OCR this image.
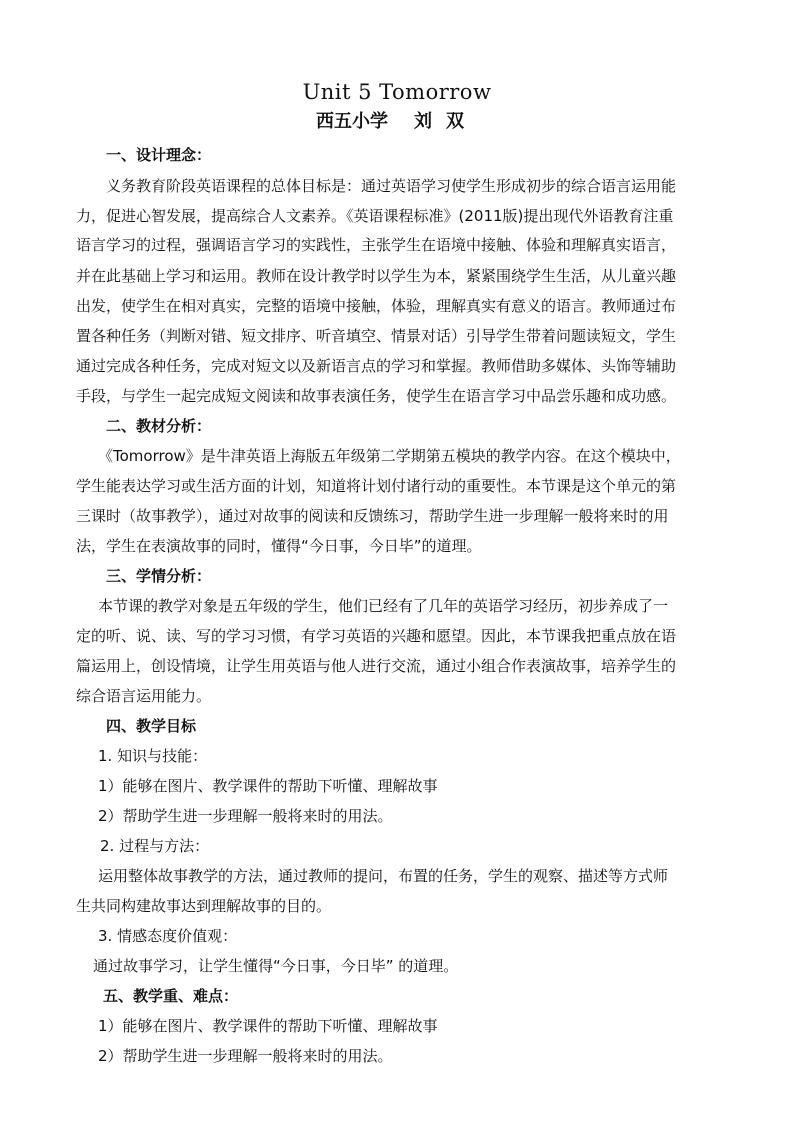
Unit 5 Tomorrow
西五小学 刘双
一、设计理念：
义务教育阶段英语课程的总体目标是：通过英语学习使学生形成初步的综合语言运用能
力，促进心智发展，提高综合人文素养。《英语课程标准》(2011版)提出现代外语教育注重
语言学习的过程，强调语言学习的实践性，主张学生在语境中接触、体验和理解真实语言，
并在此基础上学习和运用。教师在设计教学时以学生为本，紧紧围绕学生生活，从儿童兴趣
出发，使学生在相对真实，完整的语境中接触，体验，理解真实有意义的语言。教师通过布
置各种任务（判断对错、短文排序、听音填空、情景对话）引导学生带着问题读短文，学生
通过完成各种任务，完成对短文以及新语言点的学习和掌握。教师借助多媒体、头饰等辅助
手段，与学生一起完成短文阅读和故事表演任务，使学生在语言学习中品尝乐趣和成功感。
二、教材分析：
《Tomorrow》是牛津英语上海版五年级第二学期第五模块的教学内容。在这个模块中，
学生能表达学习或生活方面的计划，知道将计划付诸行动的重要性。本节课是这个单元的第
三课时（故事教学），通过对故事的阅读和反馈练习，帮助学生进一步理解一般将来时的用
法，学生在表演故事的同时，懂得“今日事，今日毕”的道理。
三、学情分析：
本节课的教学对象是五年级的学生，他们已经有了几年的英语学习经历，初步养成了一
定的听、说、读、写的学习习惯，有学习英语的兴趣和愿望。因此，本节课我把重点放在语
篇运用上，创设情境，让学生用英语与他人进行交流，通过小组合作表演故事，培养学生的
综合语言运用能力。
四、教学目标
1. 知识与技能：
1）能够在图片、教学课件的帮助下听懂、理解故事
2）帮助学生进一步理解一般将来时的用法。
2. 过程与方法：
运用整体故事教学的方法，通过教师的提问，布置的任务，学生的观察、描述等方式师
生共同构建故事达到理解故事的目的。
3. 情感态度价值观：
通过故事学习，让学生懂得“今日事，今日毕” 的道理。
五、教学重、难点：
1）能够在图片、教学课件的帮助下听懂、理解故事
2）帮助学生进一步理解一般将来时的用法。
